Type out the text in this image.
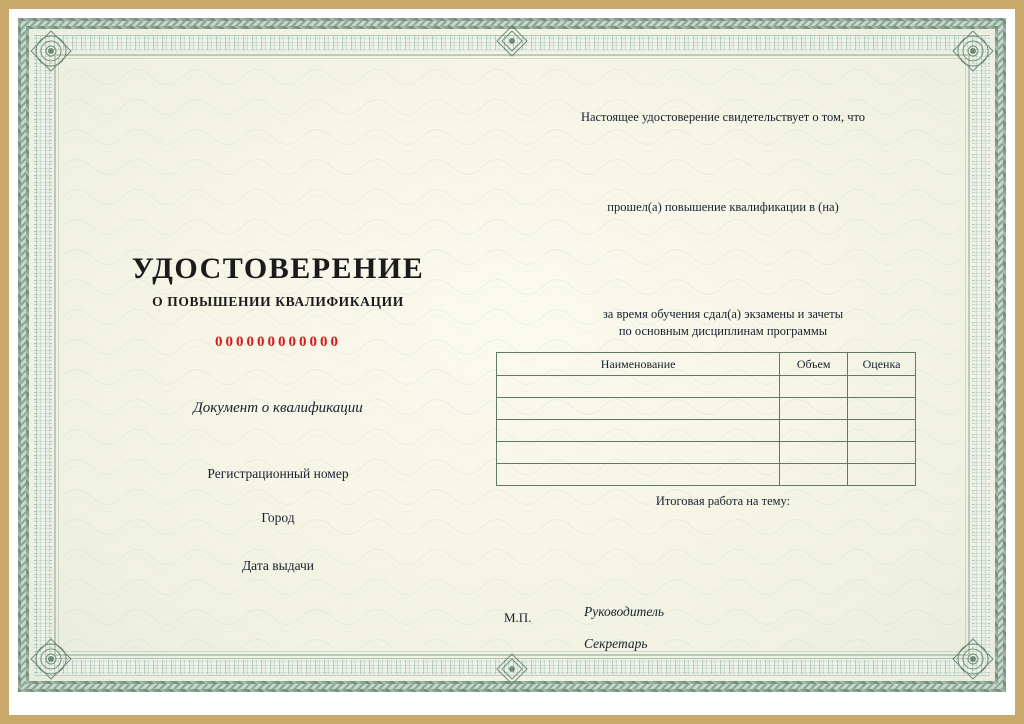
УДОСТОВЕРЕНИЕ
О ПОВЫШЕНИИ КВАЛИФИКАЦИИ
000000000000
Документ о квалификации
Регистрационный номер
Город
Дата выдачи
Настоящее удостоверение свидетельствует о том, что
прошел(а) повышение квалификации в (на)
за время обучения сдал(а) экзамены и зачеты
по основным дисциплинам программы
Наименование	Объем	Оценка

Итоговая работа на тему:
М.П.	Руководитель
Секретарь
